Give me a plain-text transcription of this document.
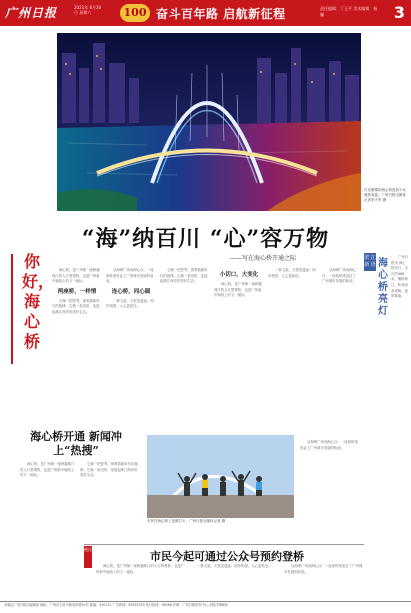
广州日报	2021年 6月26日 星期六	100 奋斗百年路 启航新征程	责任编辑：丁玉平 美术编辑：杨巍	3
灯光璀璨的海心桥犹如少女曼妙身姿。广州日报全媒体记者李天军 摄
“海”纳百川 “心”容万物
——写在海心桥开通之际
你好，海心桥

海心桥，是广州第一座跨越珠江的人行景观桥，也是广州新中轴线上的又一地标。

两座桥，一样情

它像一把竖琴，弹奏着新时代的旋律；它像一条纽带，连接起珠江两岸的美好生活。

从海珠广场到海心沙，一座座桥梁见证了广州城市发展的轨迹。

连心桥，同心圆

一桥飞架，天堑变通途；两岸相望，人心更贴近。

它像一把竖琴，弹奏着新时代的旋律；它像一条纽带，连接起珠江两岸的美好生活。

小切口，大变化

海心桥，是广州第一座跨越珠江的人行景观桥，也是广州新中轴线上的又一地标。

一桥飞架，天堑变通途；两岸相望，人心更贴近。

从海珠广场到海心沙，一座座桥梁见证了广州城市发展的轨迹。

滨 江 新 语 海心桥亮灯

广州日报讯 海心桥亮灯，全长约488米，横跨珠江，桥身线条流畅，夜景璀璨。

海心桥开通 新闻冲上“热搜”

海心桥，是广州第一座跨越珠江的人行景观桥，也是广州新中轴线上的又一地标。

它像一把竖琴，弹奏着新时代的旋律；它像一条纽带，连接起珠江两岸的美好生活。

市民在海心桥上拍照打卡。广州日报全媒体记者 摄

从海珠广场到海心沙，一座座桥梁见证了广州城市发展的轨迹。

便民
市民今起可通过公众号预约登桥

海心桥，是广州第一座跨越珠江的人行景观桥，也是广州新中轴线上的又一地标。

一桥飞架，天堑变通途；两岸相望，人心更贴近。	从海珠广场到海心沙，一座座桥梁见证了广州城市发展的轨迹。

本版由广州日报社编辑部 地址：广州市人民中路同乐路10号 邮编：510121 广告热线：83333333 发行热线：96366 印刷：广州日报印务中心 本报法律顾问
